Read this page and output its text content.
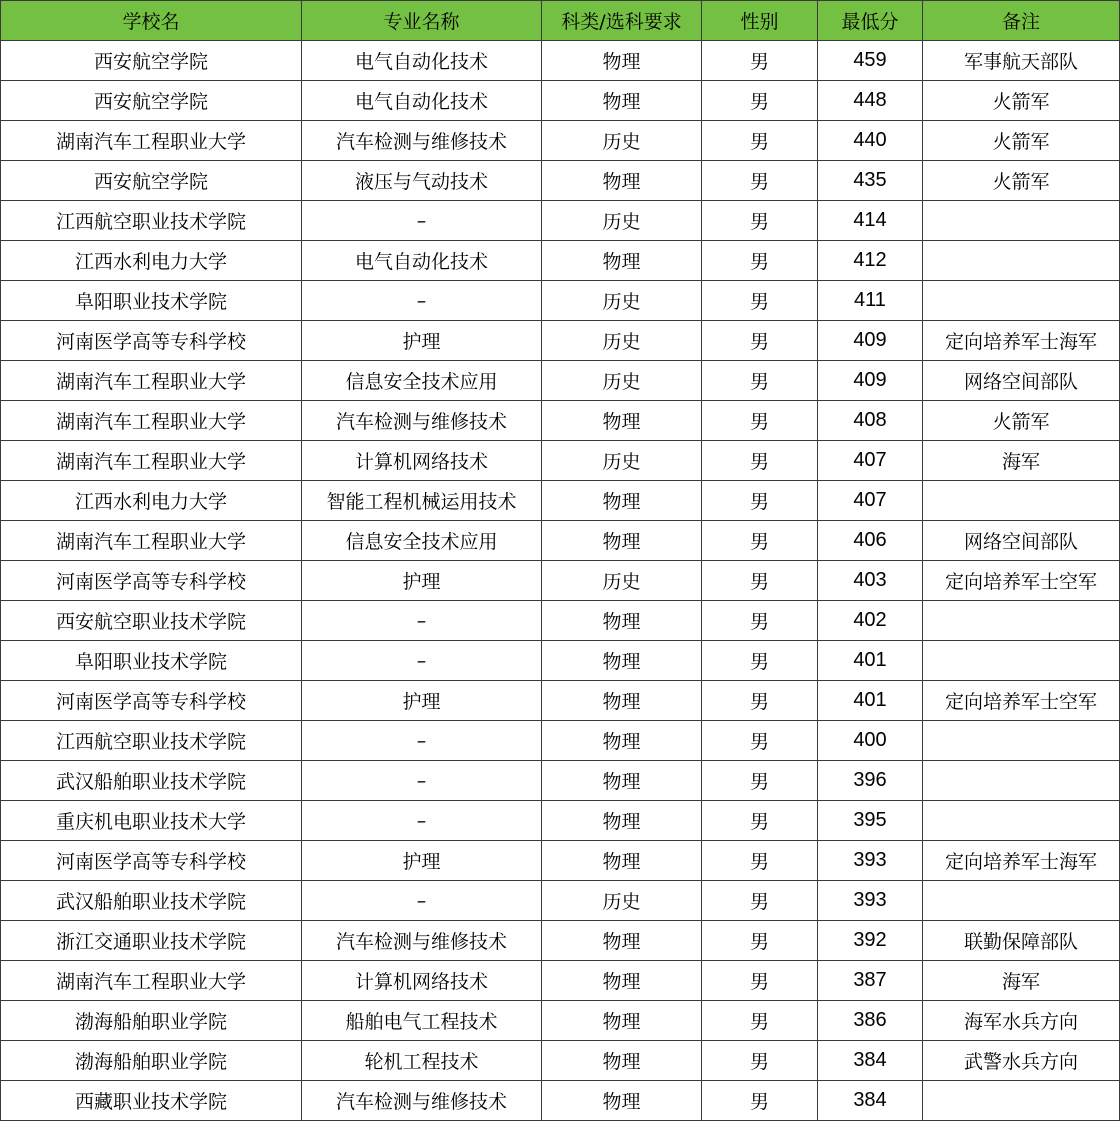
学校名	专业名称	科类/选科要求	性别	最低分	备注
西安航空学院	电气自动化技术	物理	男	459	军事航天部队
西安航空学院	电气自动化技术	物理	男	448	火箭军
湖南汽车工程职业大学	汽车检测与维修技术	历史	男	440	火箭军
西安航空学院	液压与气动技术	物理	男	435	火箭军
江西航空职业技术学院	–	历史	男	414	
江西水利电力大学	电气自动化技术	物理	男	412	
阜阳职业技术学院	–	历史	男	411	
河南医学高等专科学校	护理	历史	男	409	定向培养军士海军
湖南汽车工程职业大学	信息安全技术应用	历史	男	409	网络空间部队
湖南汽车工程职业大学	汽车检测与维修技术	物理	男	408	火箭军
湖南汽车工程职业大学	计算机网络技术	历史	男	407	海军
江西水利电力大学	智能工程机械运用技术	物理	男	407	
湖南汽车工程职业大学	信息安全技术应用	物理	男	406	网络空间部队
河南医学高等专科学校	护理	历史	男	403	定向培养军士空军
西安航空职业技术学院	–	物理	男	402	
阜阳职业技术学院	–	物理	男	401	
河南医学高等专科学校	护理	物理	男	401	定向培养军士空军
江西航空职业技术学院	–	物理	男	400	
武汉船舶职业技术学院	–	物理	男	396	
重庆机电职业技术大学	–	物理	男	395	
河南医学高等专科学校	护理	物理	男	393	定向培养军士海军
武汉船舶职业技术学院	–	历史	男	393	
浙江交通职业技术学院	汽车检测与维修技术	物理	男	392	联勤保障部队
湖南汽车工程职业大学	计算机网络技术	物理	男	387	海军
渤海船舶职业学院	船舶电气工程技术	物理	男	386	海军水兵方向
渤海船舶职业学院	轮机工程技术	物理	男	384	武警水兵方向
西藏职业技术学院	汽车检测与维修技术	物理	男	384	
